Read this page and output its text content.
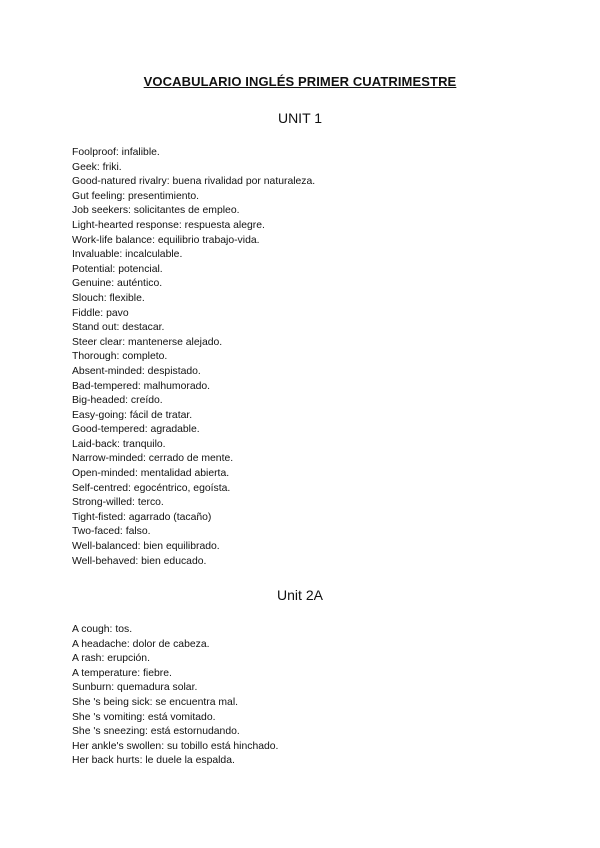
VOCABULARIO INGLÉS PRIMER CUATRIMESTRE
UNIT 1
Foolproof: infalible.
Geek: friki.
Good-natured rivalry: buena rivalidad por naturaleza.
Gut feeling: presentimiento.
Job seekers: solicitantes de empleo.
Light-hearted response: respuesta alegre.
Work-life balance: equilibrio trabajo-vida.
Invaluable: incalculable.
Potential: potencial.
Genuine: auténtico.
Slouch: flexible.
Fiddle: pavo
Stand out: destacar.
Steer clear: mantenerse alejado.
Thorough: completo.
Absent-minded: despistado.
Bad-tempered: malhumorado.
Big-headed: creído.
Easy-going: fácil de tratar.
Good-tempered: agradable.
Laid-back: tranquilo.
Narrow-minded: cerrado de mente.
Open-minded: mentalidad abierta.
Self-centred: egocéntrico, egoísta.
Strong-willed: terco.
Tight-fisted: agarrado (tacaño)
Two-faced: falso.
Well-balanced: bien equilibrado.
Well-behaved: bien educado.
Unit 2A
A cough: tos.
A headache: dolor de cabeza.
A rash: erupción.
A temperature: fiebre.
Sunburn: quemadura solar.
She 's being sick: se encuentra mal.
She 's vomiting: está vomitado.
She 's sneezing: está estornudando.
Her ankle's swollen: su tobillo está hinchado.
Her back hurts: le duele la espalda.
